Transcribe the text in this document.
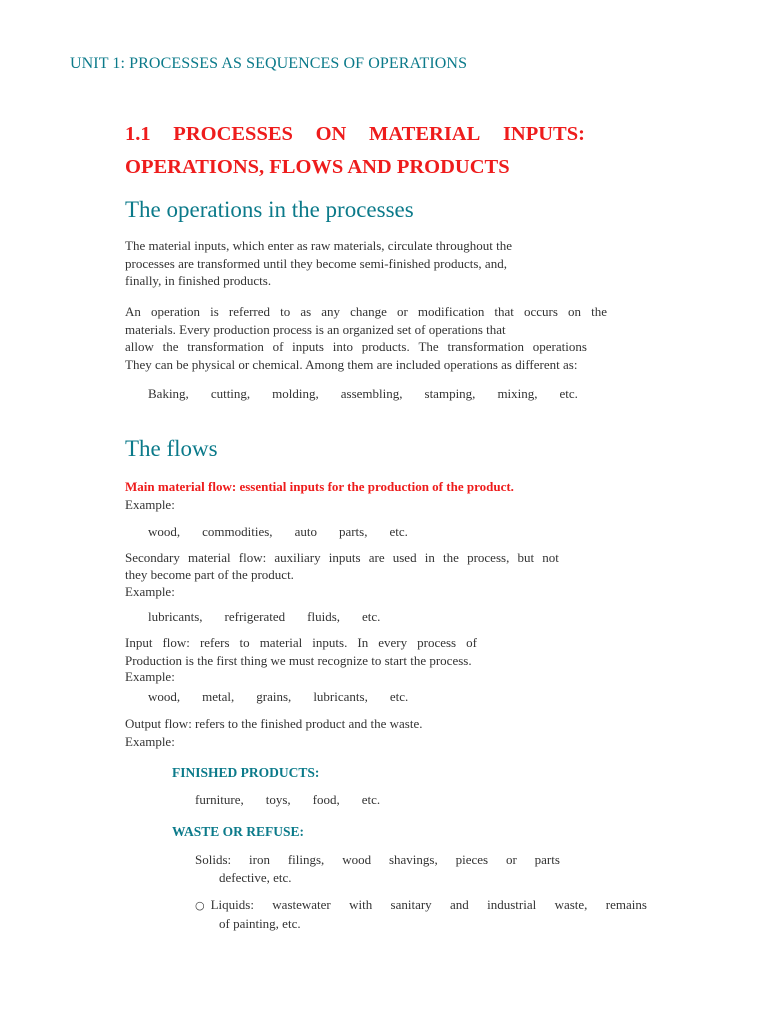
UNIT 1: PROCESSES AS SEQUENCES OF OPERATIONS
1.1 PROCESSES ON MATERIAL INPUTS:
OPERATIONS, FLOWS AND PRODUCTS
The operations in the processes
The material inputs, which enter as raw materials, circulate throughout the
processes are transformed until they become semi-finished products, and,
finally, in finished products.
An operation is referred to as any change or modification that occurs on the
materials. Every production process is an organized set of operations that
allow the transformation of inputs into products. The transformation operations
They can be physical or chemical. Among them are included operations as different as:
Baking, cutting, molding, assembling, stamping, mixing, etc.
The flows
Main material flow: essential inputs for the production of the product.
Example:
wood, commodities, auto parts, etc.
Secondary material flow: auxiliary inputs are used in the process, but not
they become part of the product.
Example:
lubricants, refrigerated fluids, etc.
Input flow: refers to material inputs. In every process of
Production is the first thing we must recognize to start the process.
Example:
wood, metal, grains, lubricants, etc.
Output flow: refers to the finished product and the waste.
Example:
FINISHED PRODUCTS:
furniture, toys, food, etc.
WASTE OR REFUSE:
Solids: iron filings, wood shavings, pieces or parts
defective, etc.
○ Liquids: wastewater with sanitary and industrial waste, remains
of painting, etc.
